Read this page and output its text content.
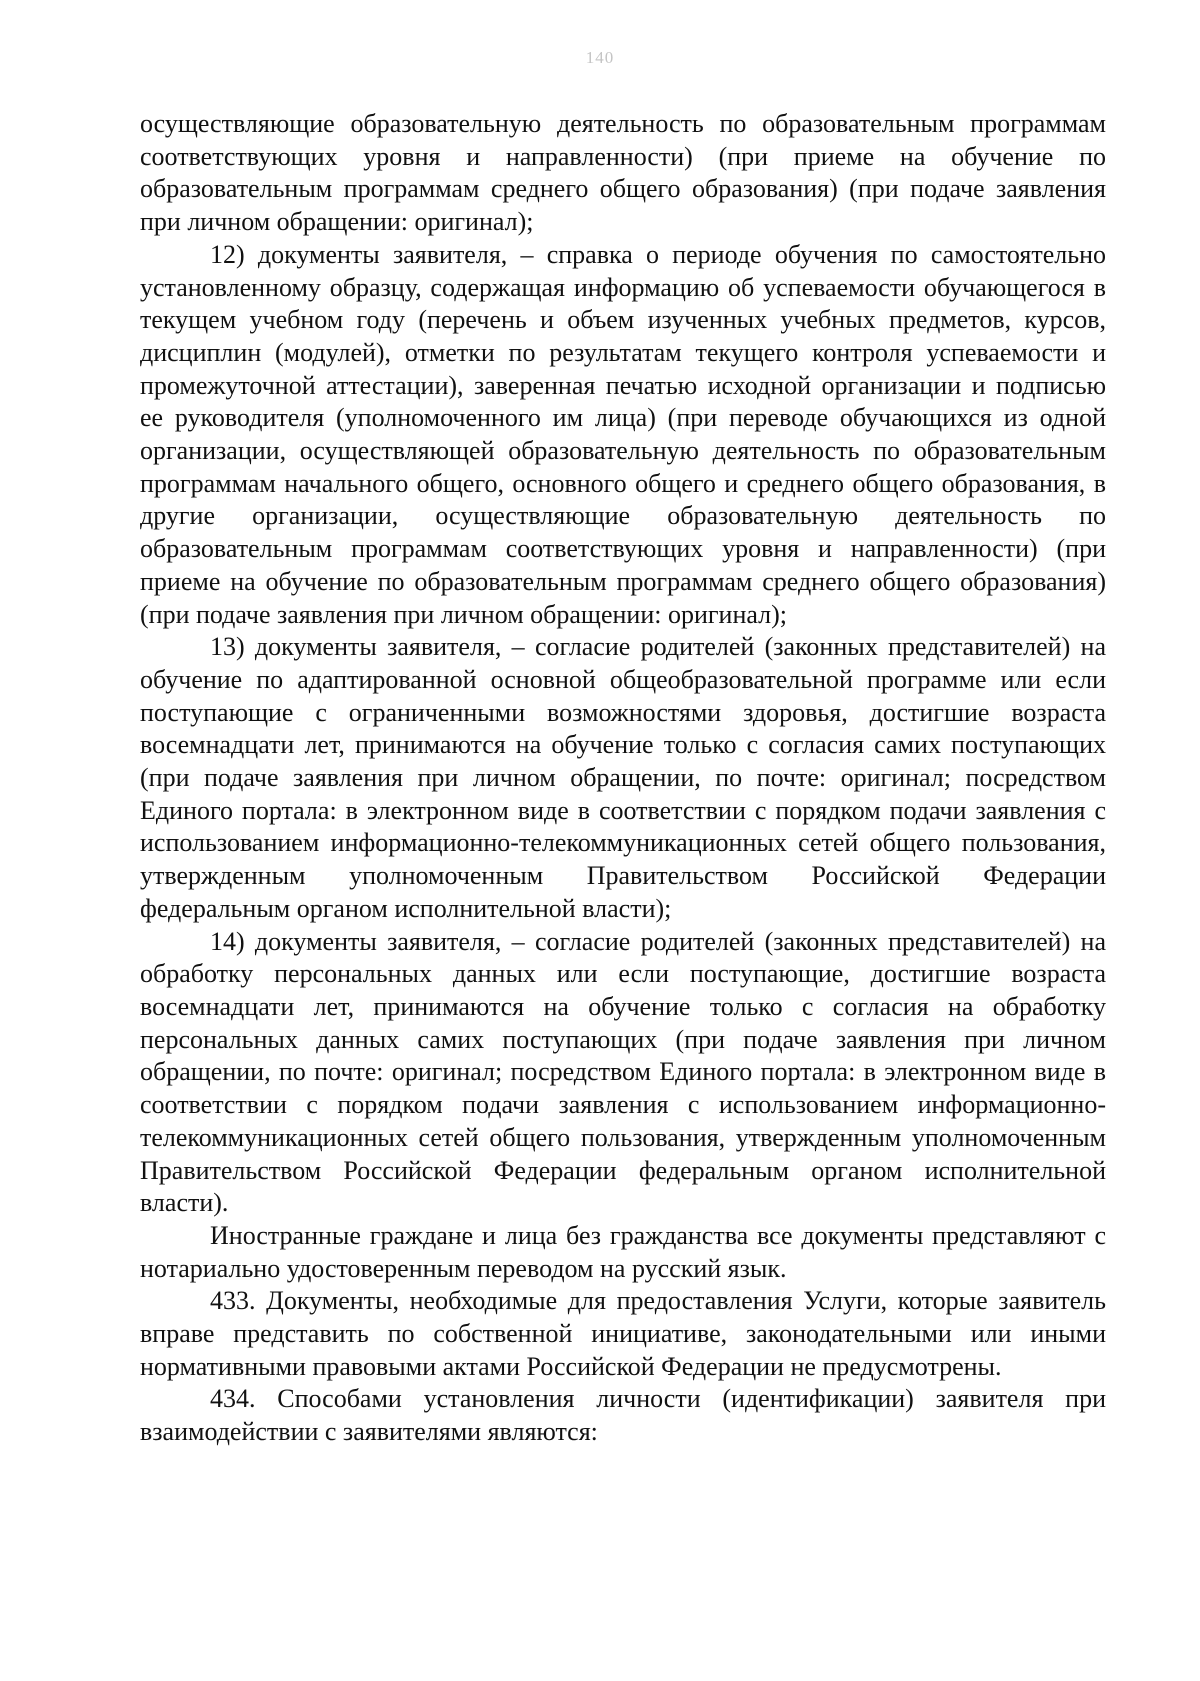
140

осуществляющие образовательную деятельность по образовательным программам соответствующих уровня и направленности) (при приеме на обучение по образовательным программам среднего общего образования) (при подаче заявления при личном обращении: оригинал);

12) документы заявителя, – справка о периоде обучения по самостоятельно установленному образцу, содержащая информацию об успеваемости обучающегося в текущем учебном году (перечень и объем изученных учебных предметов, курсов, дисциплин (модулей), отметки по результатам текущего контроля успеваемости и промежуточной аттестации), заверенная печатью исходной организации и подписью ее руководителя (уполномоченного им лица) (при переводе обучающихся из одной организации, осуществляющей образовательную деятельность по образовательным программам начального общего, основного общего и среднего общего образования, в другие организации, осуществляющие образовательную деятельность по образовательным программам соответствующих уровня и направленности) (при приеме на обучение по образовательным программам среднего общего образования) (при подаче заявления при личном обращении: оригинал);

13) документы заявителя, – согласие родителей (законных представителей) на обучение по адаптированной основной общеобразовательной программе или если поступающие с ограниченными возможностями здоровья, достигшие возраста восемнадцати лет, принимаются на обучение только с согласия самих поступающих (при подаче заявления при личном обращении, по почте: оригинал; посредством Единого портала: в электронном виде в соответствии с порядком подачи заявления с использованием информационно-телекоммуникационных сетей общего пользования, утвержденным уполномоченным Правительством Российской Федерации федеральным органом исполнительной власти);

14) документы заявителя, – согласие родителей (законных представителей) на обработку персональных данных или если поступающие, достигшие возраста восемнадцати лет, принимаются на обучение только с согласия на обработку персональных данных самих поступающих (при подаче заявления при личном обращении, по почте: оригинал; посредством Единого портала: в электронном виде в соответствии с порядком подачи заявления с использованием информационно-телекоммуникационных сетей общего пользования, утвержденным уполномоченным Правительством Российской Федерации федеральным органом исполнительной власти).

Иностранные граждане и лица без гражданства все документы представляют с нотариально удостоверенным переводом на русский язык.

433. Документы, необходимые для предоставления Услуги, которые заявитель вправе представить по собственной инициативе, законодательными или иными нормативными правовыми актами Российской Федерации не предусмотрены.

434. Способами установления личности (идентификации) заявителя при взаимодействии с заявителями являются:
